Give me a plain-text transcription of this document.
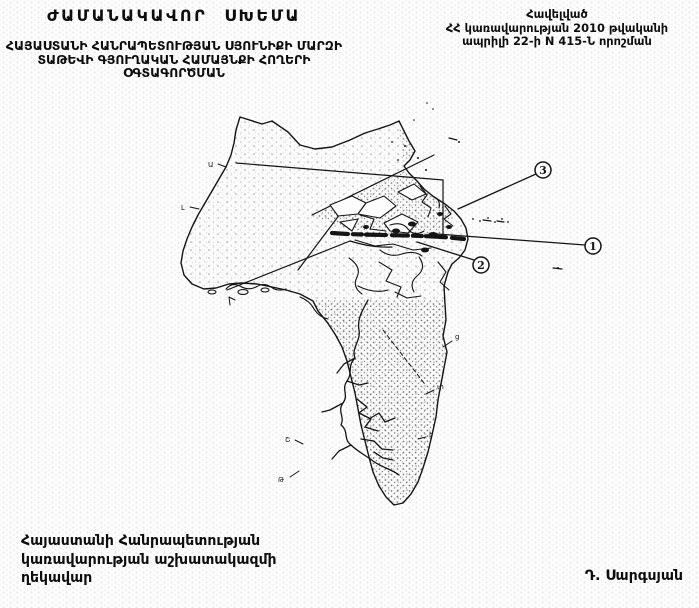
ԺԱՄԱՆԱԿԱՎՈՐ ՍԽԵՄԱ
ՀԱՅԱՍՏԱՆԻ ՀԱՆՐԱՊԵՏՈՒԹՅԱՆ ՍՅՈՒՆԻՔԻ ՄԱՐԶԻ
ՏԱԹԵՎԻ ԳՅՈՒՂԱԿԱՆ ՀԱՄԱՅՆՔԻ ՀՈՂԵՐԻ
ՕԳՏԱԳՈՐԾՄԱՆ
Հավելված
ՀՀ կառավարության 2010 թվականի
ապրիլի 22-ի N 415-Ն որոշման
Ա
Լ
Շ
Թ
ց
փ
է
3
1
2
Հայաստանի Հանրապետության
կառավարության աշխատակազմի
ղեկավար	Դ. Սարգսյան
